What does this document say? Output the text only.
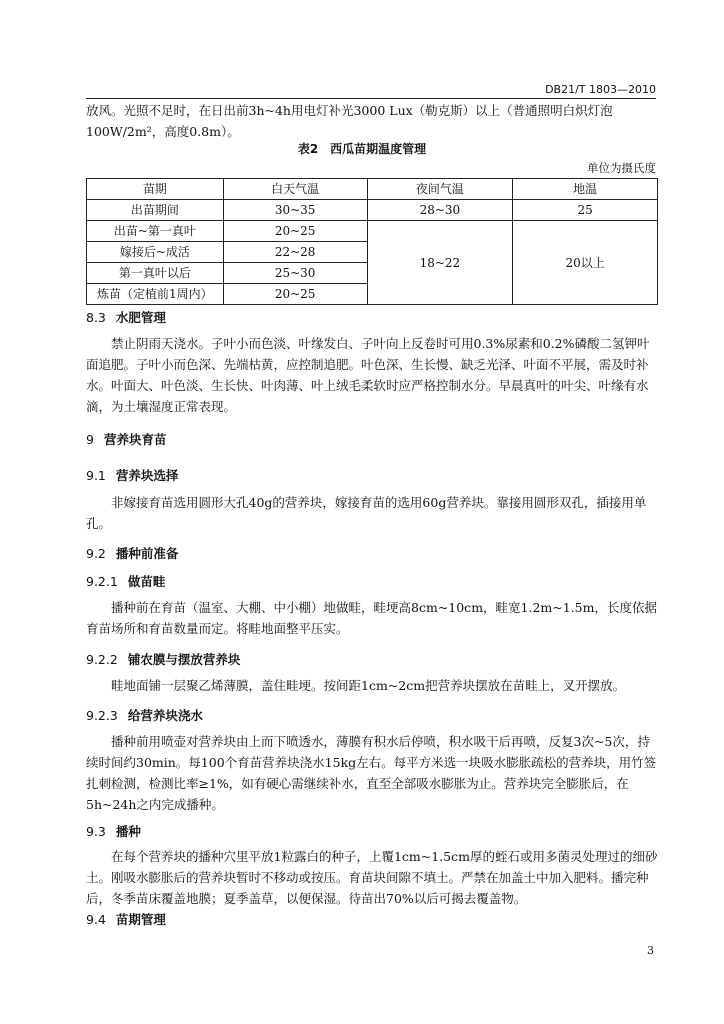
DB21/T 1803—2010

放风。光照不足时，在日出前3h~4h用电灯补光3000 Lux（勒克斯）以上（普通照明白炽灯泡100W/2m²，高度0.8m）。

表2　西瓜苗期温度管理
单位为摄氏度
苗期	白天气温	夜间气温	地温
出苗期间	30~35	28~30	25
出苗~第一真叶	20~25	18~22	20以上
嫁接后~成活	22~28		
第一真叶以后	25~30		
炼苗（定植前1周内）	20~25		
8.3 水肥管理

禁止阴雨天浇水。子叶小而色淡、叶缘发白、子叶向上反卷时可用0.3%尿素和0.2%磷酸二氢钾叶面追肥。子叶小而色深、先端枯黄，应控制追肥。叶色深、生长慢、缺乏光泽、叶面不平展，需及时补水。叶面大、叶色淡、生长快、叶肉薄、叶上绒毛柔软时应严格控制水分。早晨真叶的叶尖、叶缘有水滴，为土壤湿度正常表现。

9 营养块育苗
9.1 营养块选择

非嫁接育苗选用圆形大孔40g的营养块，嫁接育苗的选用60g营养块。靠接用圆形双孔，插接用单孔。

9.2 播种前准备
9.2.1 做苗畦

播种前在育苗（温室、大棚、中小棚）地做畦，畦埂高8cm~10cm，畦宽1.2m~1.5m，长度依据育苗场所和育苗数量而定。将畦地面整平压实。

9.2.2 铺农膜与摆放营养块

畦地面铺一层聚乙烯薄膜，盖住畦埂。按间距1cm~2cm把营养块摆放在苗畦上，叉开摆放。

9.2.3 给营养块浇水

播种前用喷壶对营养块由上而下喷透水，薄膜有积水后停喷，积水吸干后再喷，反复3次~5次，持续时间约30min。每100个育苗营养块浇水15kg左右。每平方米选一块吸水膨胀疏松的营养块，用竹签扎刺检测，检测比率≥1%，如有硬心需继续补水，直至全部吸水膨胀为止。营养块完全膨胀后，在5h~24h之内完成播种。

9.3 播种

在每个营养块的播种穴里平放1粒露白的种子，上覆1cm~1.5cm厚的蛭石或用多菌灵处理过的细砂土。刚吸水膨胀后的营养块暂时不移动或按压。育苗块间隙不填土。严禁在加盖土中加入肥料。播完种后，冬季苗床覆盖地膜；夏季盖草，以便保湿。待苗出70%以后可揭去覆盖物。

9.4 苗期管理
3
